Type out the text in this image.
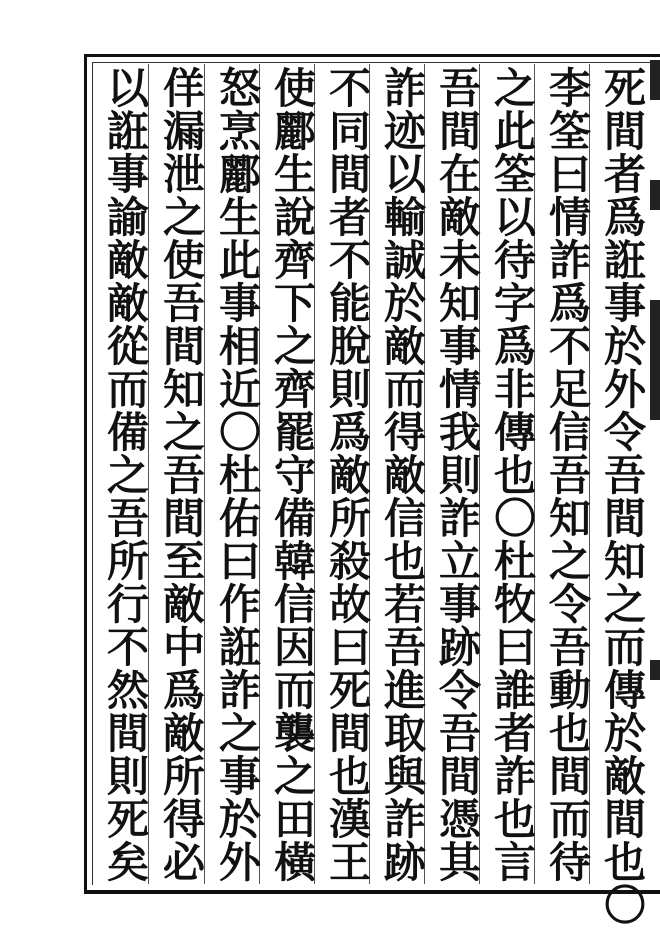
死間者爲誑事於外令吾間知之而傳於敵間也〇
李筌曰情詐爲不足信吾知之令吾動也間而待
之此筌以待字爲非傳也〇杜牧曰誰者詐也言
吾間在敵未知事情我則詐立事跡令吾間憑其
詐迹以輸誠於敵而得敵信也若吾進取與詐跡
不同間者不能脫則爲敵所殺故曰死間也漢王
使酈生說齊下之齊罷守備韓信因而襲之田橫
怒烹酈生此事相近〇杜佑曰作誑詐之事於外
佯漏泄之使吾間知之吾間至敵中爲敵所得必
以誑事諭敵敵從而備之吾所行不然間則死矣
